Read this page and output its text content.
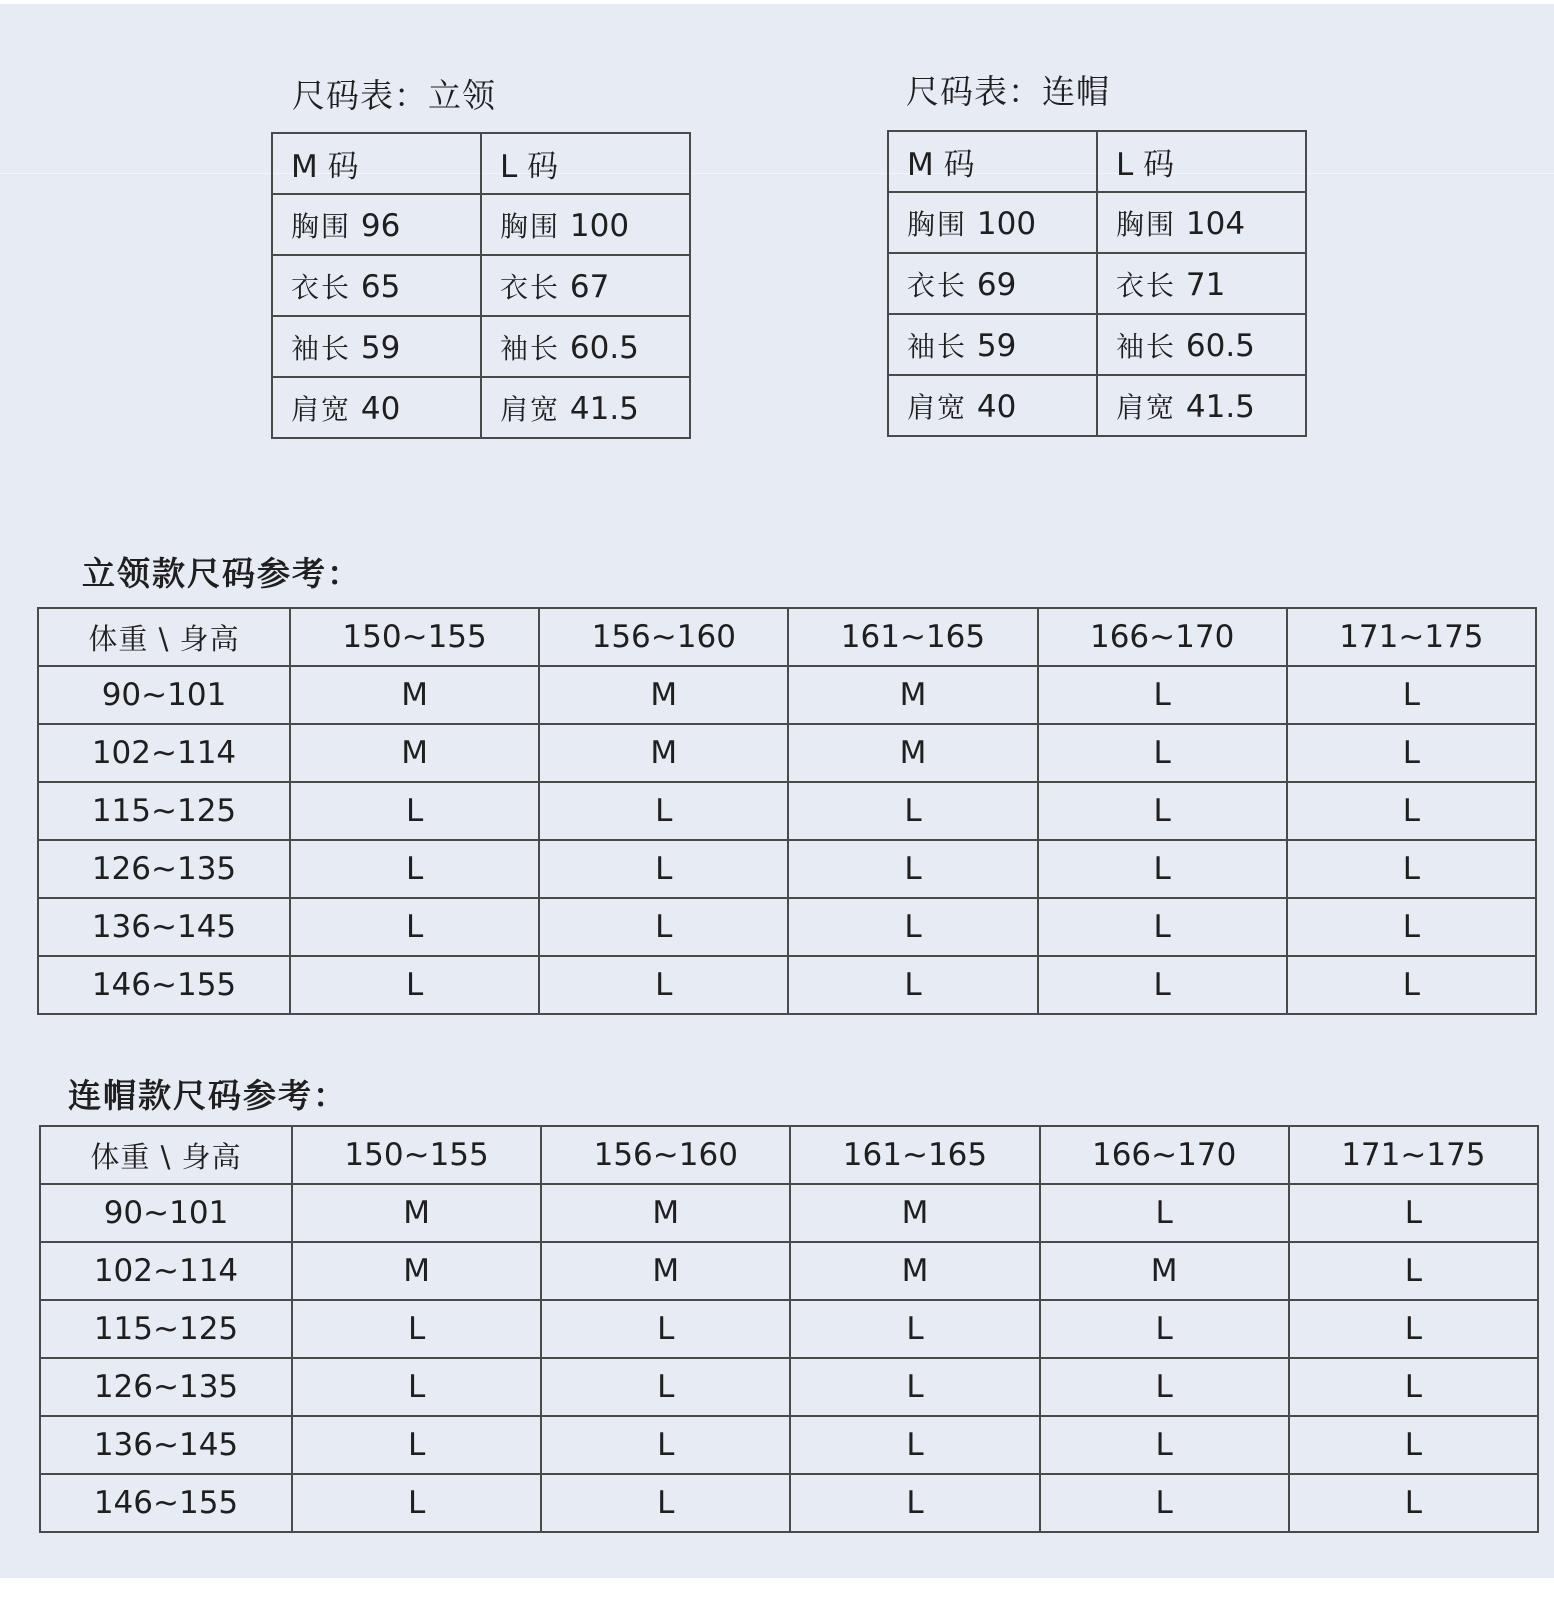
尺码表：立领
M 码	L 码
胸围 96	胸围 100
衣长 65	衣长 67
袖长 59	袖长 60.5
肩宽 40	肩宽 41.5
尺码表：连帽
M 码	L 码
胸围 100	胸围 104
衣长 69	衣长 71
袖长 59	袖长 60.5
肩宽 40	肩宽 41.5
立领款尺码参考：
体重 \ 身高	150~155	156~160	161~165	166~170	171~175
90~101	M	M	M	L	L
102~114	M	M	M	L	L
115~125	L	L	L	L	L
126~135	L	L	L	L	L
136~145	L	L	L	L	L
146~155	L	L	L	L	L
连帽款尺码参考：
体重 \ 身高	150~155	156~160	161~165	166~170	171~175
90~101	M	M	M	L	L
102~114	M	M	M	M	L
115~125	L	L	L	L	L
126~135	L	L	L	L	L
136~145	L	L	L	L	L
146~155	L	L	L	L	L
